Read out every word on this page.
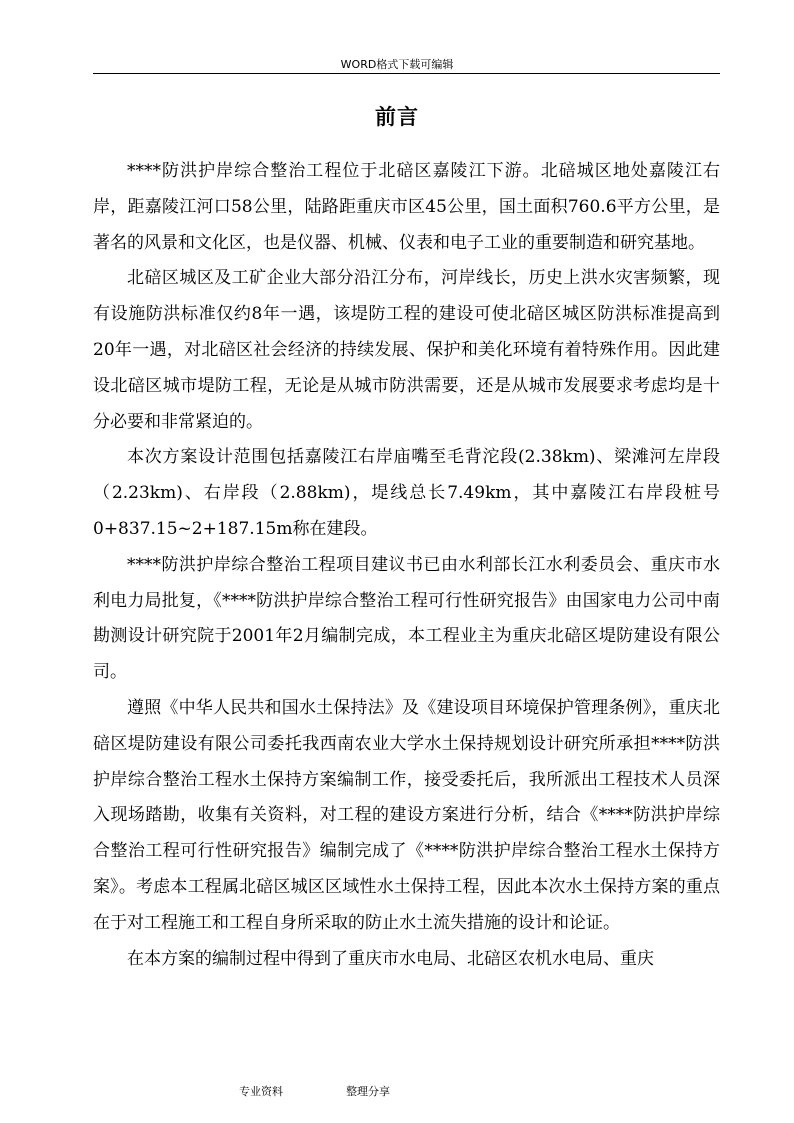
WORD格式下载可编辑
前言

****防洪护岸综合整治工程位于北碚区嘉陵江下游。北碚城区地处嘉陵江右岸，距嘉陵江河口58公里，陆路距重庆市区45公里，国土面积760.6平方公里，是著名的风景和文化区，也是仪器、机械、仪表和电子工业的重要制造和研究基地。

北碚区城区及工矿企业大部分沿江分布，河岸线长，历史上洪水灾害频繁，现有设施防洪标准仅约8年一遇，该堤防工程的建设可使北碚区城区防洪标准提高到20年一遇，对北碚区社会经济的持续发展、保护和美化环境有着特殊作用。因此建设北碚区城市堤防工程，无论是从城市防洪需要，还是从城市发展要求考虑均是十分必要和非常紧迫的。

本次方案设计范围包括嘉陵江右岸庙嘴至毛背沱段(2.38km)、梁滩河左岸段（2.23km)、右岸段（2.88km)，堤线总长7.49km，其中嘉陵江右岸段桩号0+837.15~2+187.15m称在建段。

****防洪护岸综合整治工程项目建议书已由水利部长江水利委员会、重庆市水利电力局批复，《****防洪护岸综合整治工程可行性研究报告》由国家电力公司中南勘测设计研究院于2001年2月编制完成，本工程业主为重庆北碚区堤防建设有限公司。

遵照《中华人民共和国水土保持法》及《建设项目环境保护管理条例》，重庆北碚区堤防建设有限公司委托我西南农业大学水土保持规划设计研究所承担****防洪护岸综合整治工程水土保持方案编制工作，接受委托后，我所派出工程技术人员深入现场踏勘，收集有关资料，对工程的建设方案进行分析，结合《****防洪护岸综合整治工程可行性研究报告》编制完成了《****防洪护岸综合整治工程水土保持方案》。考虑本工程属北碚区城区区域性水土保持工程，因此本次水土保持方案的重点在于对工程施工和工程自身所采取的防止水土流失措施的设计和论证。

在本方案的编制过程中得到了重庆市水电局、北碚区农机水电局、重庆

专业资料	整理分享
